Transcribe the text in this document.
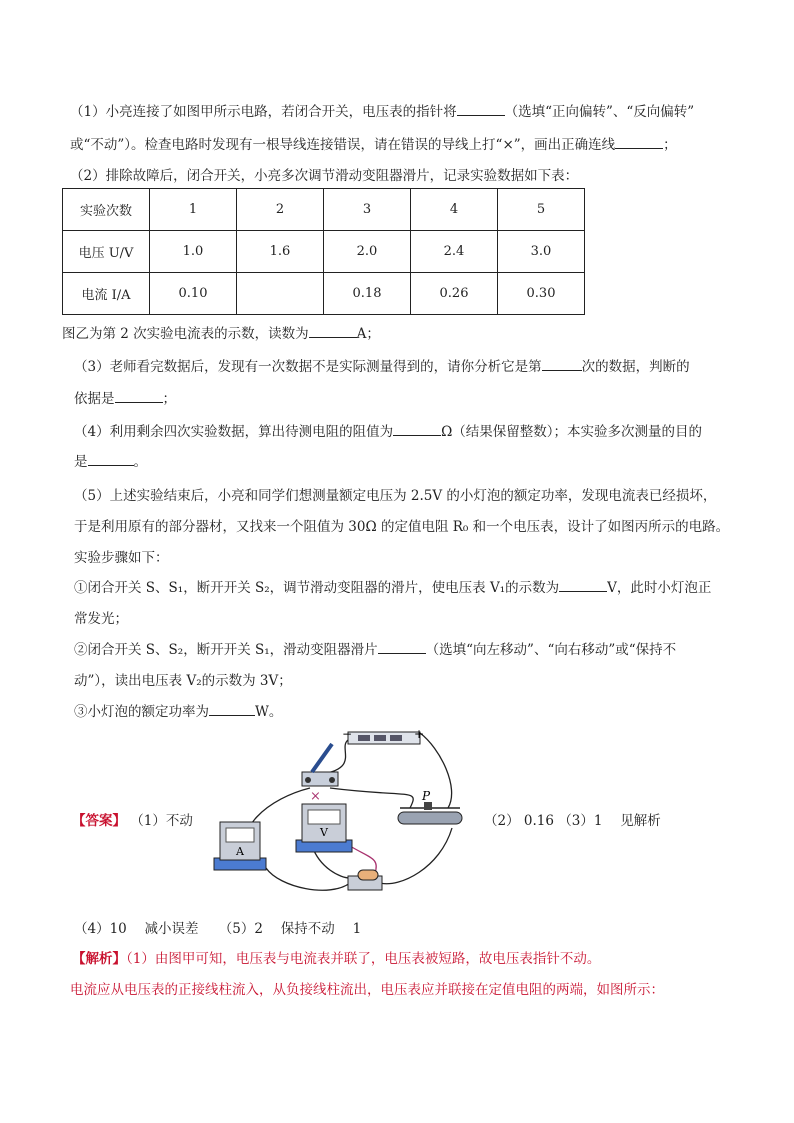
（1）小亮连接了如图甲所示电路，若闭合开关，电压表的指针将	（选填“正向偏转”、“反向偏转”
或“不动”）。检查电路时发现有一根导线连接错误，请在错误的导线上打“×”，画出正确连线	；
（2）排除故障后，闭合开关，小亮多次调节滑动变阻器滑片，记录实验数据如下表：
实验次数	1	2	3	4	5
电压 U/V	1.0	1.6	2.0	2.4	3.0
电流 I/A	0.10		0.18	0.26	0.30
图乙为第 2 次实验电流表的示数，读数为	A；
（3）老师看完数据后，发现有一次数据不是实际测量得到的，请你分析它是第	次的数据，判断的
依据是	；
（4）利用剩余四次实验数据，算出待测电阻的阻值为	Ω（结果保留整数）；本实验多次测量的目的
是	。
（5）上述实验结束后，小亮和同学们想测量额定电压为 2.5V 的小灯泡的额定功率，发现电流表已经损坏，
于是利用原有的部分器材，又找来一个阻值为 30Ω 的定值电阻 R₀ 和一个电压表，设计了如图丙所示的电路。
实验步骤如下：
①闭合开关 S、S₁，断开开关 S₂，调节滑动变阻器的滑片，使电压表 V₁的示数为	V，此时小灯泡正
常发光；
②闭合开关 S、S₂，断开开关 S₁，滑动变阻器滑片	（选填“向左移动”、“向右移动”或“保持不
动”），读出电压表 V₂的示数为 3V；
③小灯泡的额定功率为	W。
【答案】 （1）不动	（2） 0.16 （3）1　 见解析
−	+
×	P
A
V
（4）10　 减小误差　　（5）2　 保持不动　 1
【解析】（1）由图甲可知，电压表与电流表并联了，电压表被短路，故电压表指针不动。
电流应从电压表的正接线柱流入，从负接线柱流出，电压表应并联接在定值电阻的两端，如图所示：
